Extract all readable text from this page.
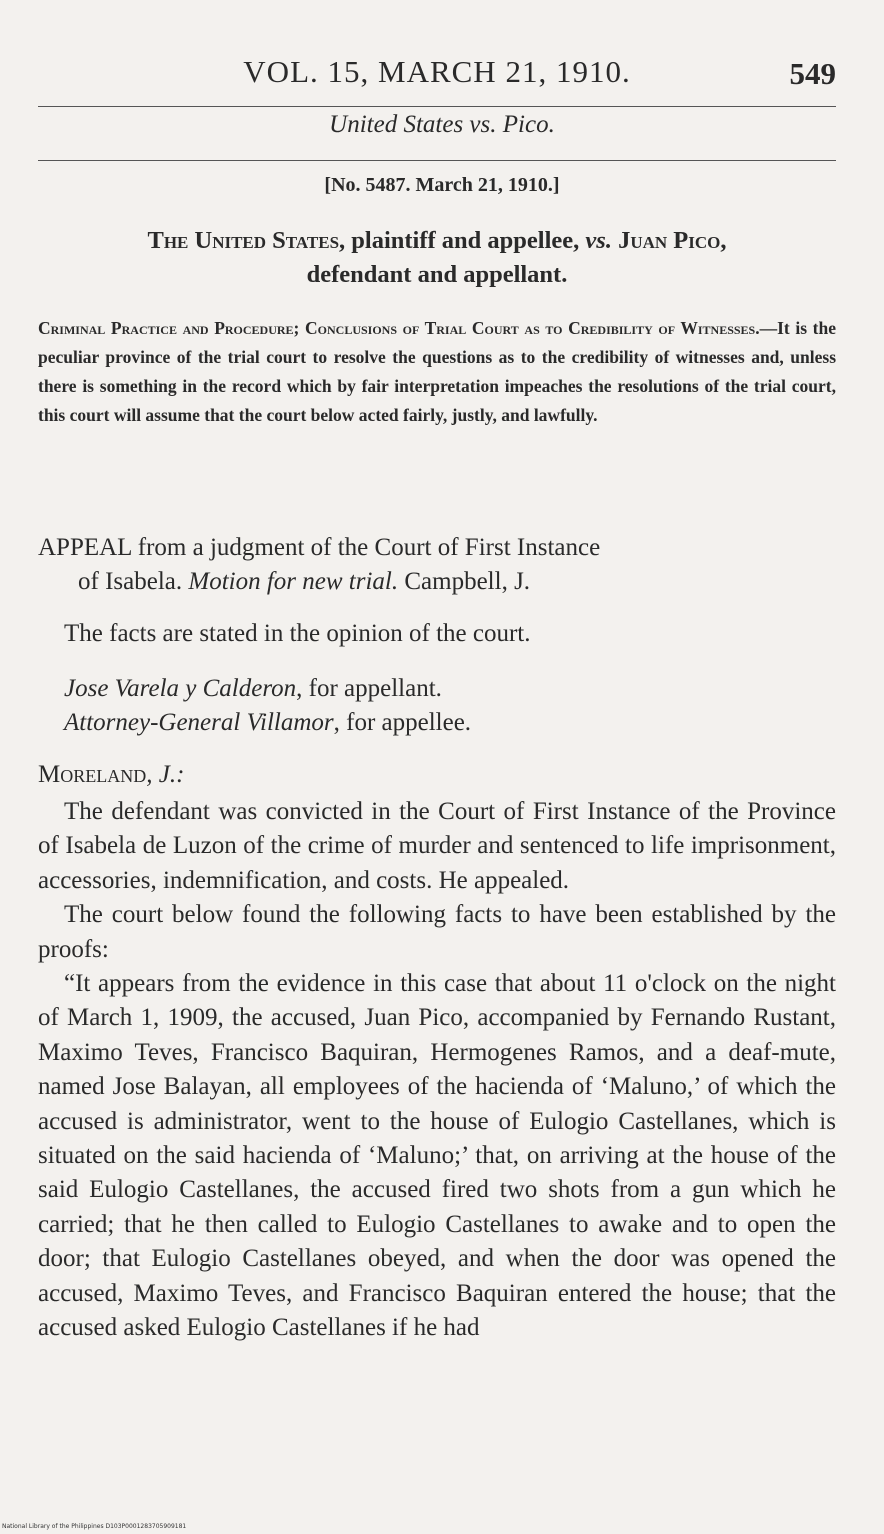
VOL. 15, MARCH 21, 1910.	549
United States vs. Pico.
[No. 5487. March 21, 1910.]
The United States, plaintiff and appellee, vs. Juan Pico,
defendant and appellant.
Criminal Practice and Procedure; Conclusions of Trial Court as to Credibility of Witnesses.—It is the peculiar province of the trial court to resolve the questions as to the credibility of witnesses and, unless there is something in the record which by fair interpretation impeaches the resolutions of the trial court, this court will assume that the court below acted fairly, justly, and lawfully.
APPEAL from a judgment of the Court of First Instance
of Isabela. Motion for new trial. Campbell, J.
The facts are stated in the opinion of the court.
Jose Varela y Calderon, for appellant.
Attorney-General Villamor, for appellee.
Moreland, J.:

The defendant was convicted in the Court of First Instance of the Province of Isabela de Luzon of the crime of murder and sentenced to life imprisonment, accessories, indemnification, and costs. He appealed.

The court below found the following facts to have been established by the proofs:

“It appears from the evidence in this case that about 11 o'clock on the night of March 1, 1909, the accused, Juan Pico, accompanied by Fernando Rustant, Maximo Teves, Francisco Baquiran, Hermogenes Ramos, and a deaf-mute, named Jose Balayan, all employees of the hacienda of ‘Maluno,’ of which the accused is administrator, went to the house of Eulogio Castellanes, which is situated on the said hacienda of ‘Maluno;’ that, on arriving at the house of the said Eulogio Castellanes, the accused fired two shots from a gun which he carried; that he then called to Eulogio Castellanes to awake and to open the door; that Eulogio Castellanes obeyed, and when the door was opened the accused, Maximo Teves, and Francisco Baquiran entered the house; that the accused asked Eulogio Castellanes if he had

National Library of the Philippines D103P0001283705909181
